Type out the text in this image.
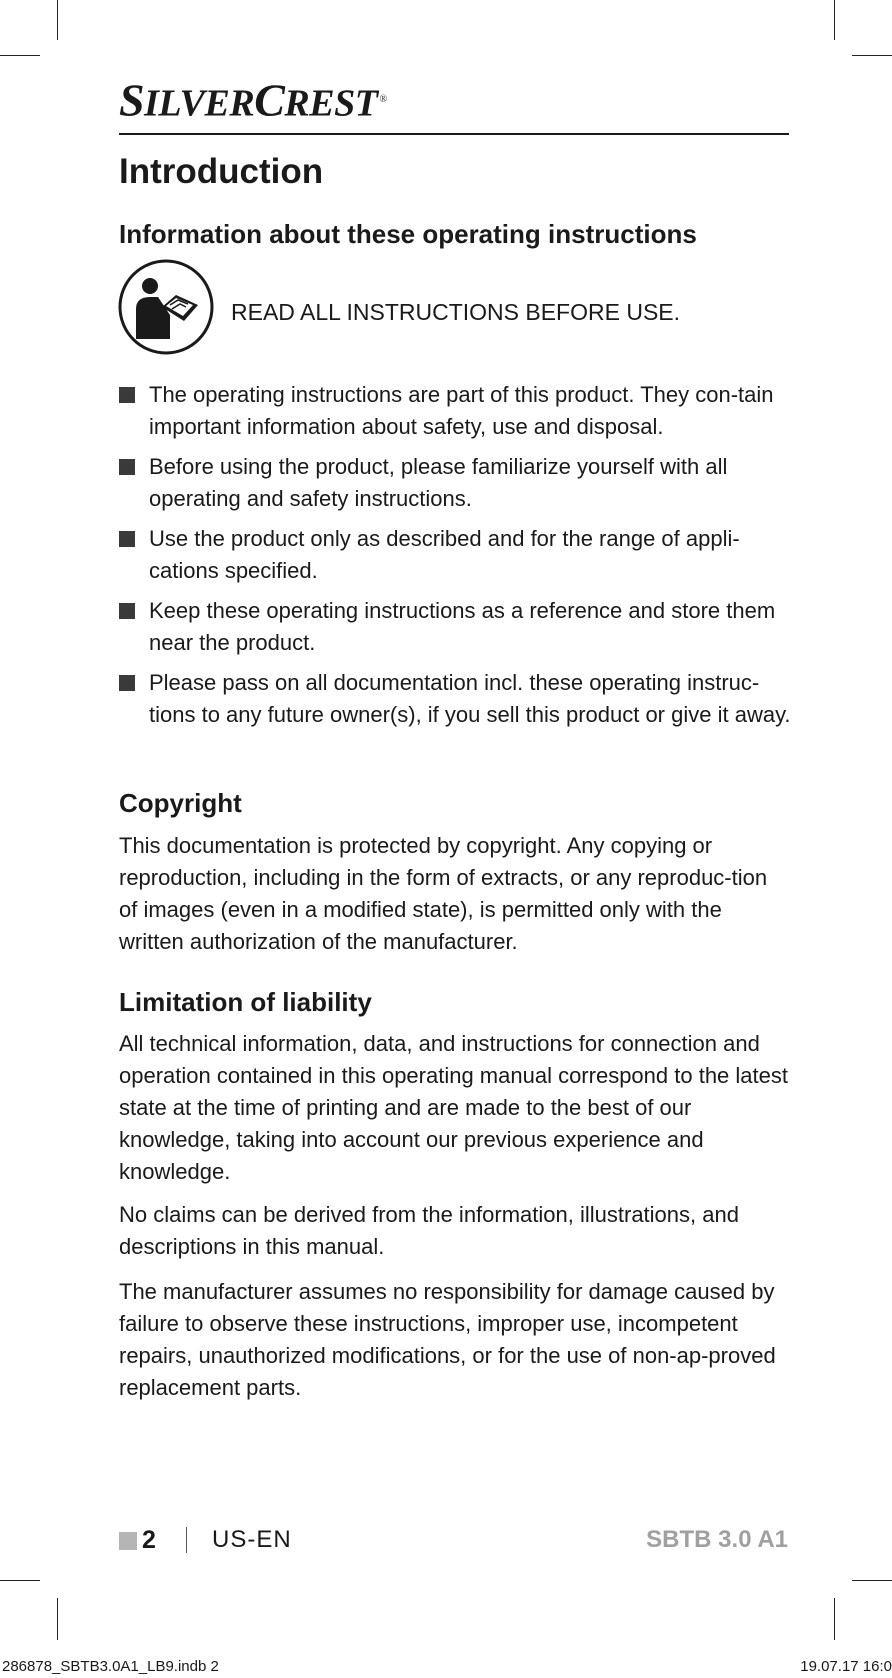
SILVERCREST ®
Introduction
Information about these operating instructions
READ ALL INSTRUCTIONS BEFORE USE.
The operating instructions are part of this product. They con-tain important information about safety, use and disposal.
Before using the product, please familiarize yourself with all operating and safety instructions.
Use the product only as described and for the range of appli-cations specified.
Keep these operating instructions as a reference and store them near the product.
Please pass on all documentation incl. these operating instruc-tions to any future owner(s), if you sell this product or give it away.
Copyright

This documentation is protected by copyright. Any copying or reproduction, including in the form of extracts, or any reproduc-tion of images (even in a modified state), is permitted only with the written authorization of the manufacturer.

Limitation of liability

All technical information, data, and instructions for connection and operation contained in this operating manual correspond to the latest state at the time of printing and are made to the best of our knowledge, taking into account our previous experience and knowledge.

No claims can be derived from the information, illustrations, and descriptions in this manual.

The manufacturer assumes no responsibility for damage caused by failure to observe these instructions, improper use, incompetent repairs, unauthorized modifications, or for the use of non-ap-proved replacement parts.

2 US-EN	SBTB 3.0 A1
286878_SBTB3.0A1_LB9.indb 2	19.07.17 16:0
